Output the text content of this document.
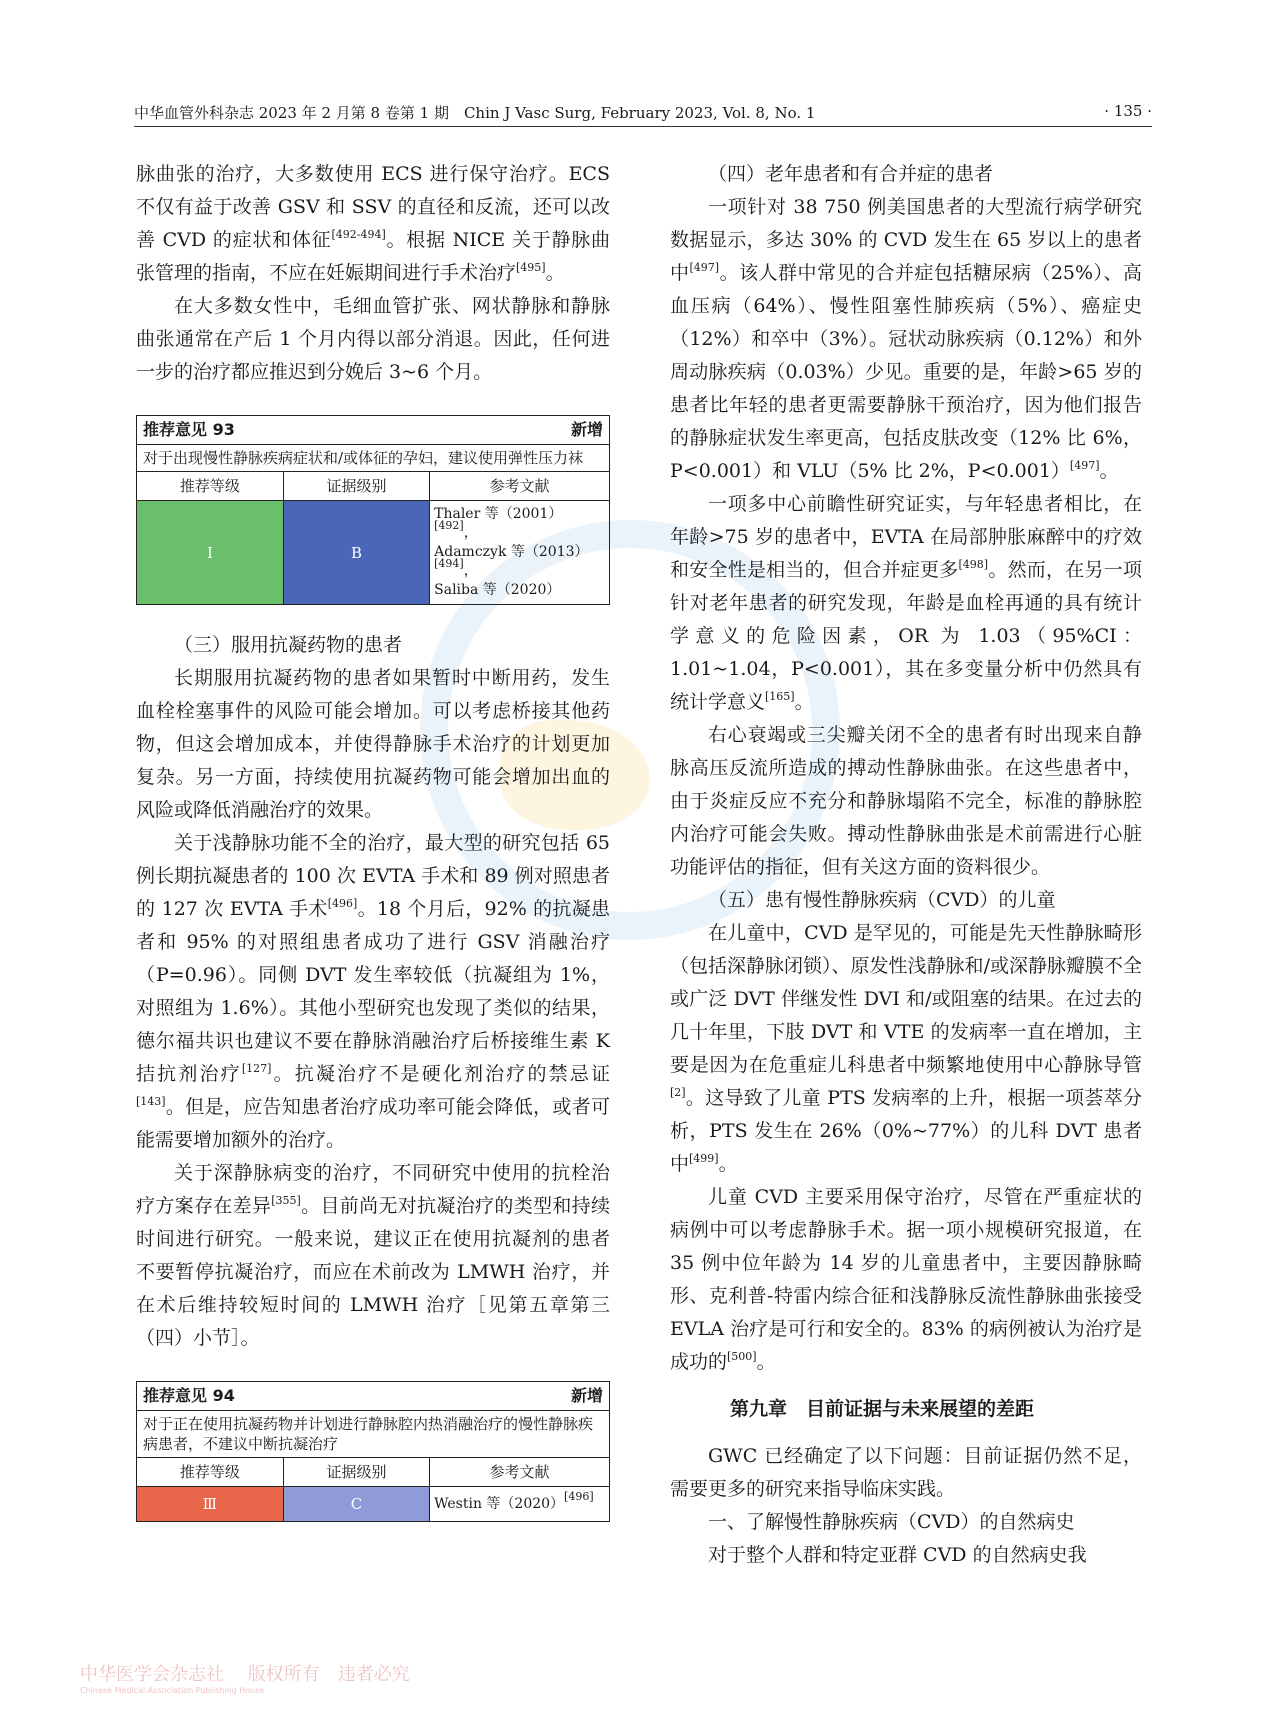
中华血管外科杂志 2023 年 2 月第 8 卷第 1 期　Chin J Vasc Surg, February 2023, Vol. 8, No. 1	· 135 ·

脉曲张的治疗，大多数使用 ECS 进行保守治疗。ECS 不仅有益于改善 GSV 和 SSV 的直径和反流，还可以改善 CVD 的症状和体征[492-494]。根据 NICE 关于静脉曲张管理的指南，不应在妊娠期间进行手术治疗[495]。

在大多数女性中，毛细血管扩张、网状静脉和静脉曲张通常在产后 1 个月内得以部分消退。因此，任何进一步的治疗都应推迟到分娩后 3~6 个月。

推荐意见 93	新增
对于出现慢性静脉疾病症状和/或体征的孕妇，建议使用弹性压力袜
推荐等级	证据级别	参考文献
Ⅰ	B	Thaler 等（2001）[492]，
Adamczyk 等（2013）[494]，
Saliba 等（2020）

（三）服用抗凝药物的患者

长期服用抗凝药物的患者如果暂时中断用药，发生血栓栓塞事件的风险可能会增加。可以考虑桥接其他药物，但这会增加成本，并使得静脉手术治疗的计划更加复杂。另一方面，持续使用抗凝药物可能会增加出血的风险或降低消融治疗的效果。

关于浅静脉功能不全的治疗，最大型的研究包括 65 例长期抗凝患者的 100 次 EVTA 手术和 89 例对照患者的 127 次 EVTA 手术[496]。18 个月后，92% 的抗凝患者和 95% 的对照组患者成功了进行 GSV 消融治疗（P=0.96）。同侧 DVT 发生率较低（抗凝组为 1%，对照组为 1.6%）。其他小型研究也发现了类似的结果，德尔福共识也建议不要在静脉消融治疗后桥接维生素 K 拮抗剂治疗[127]。抗凝治疗不是硬化剂治疗的禁忌证[143]。但是，应告知患者治疗成功率可能会降低，或者可能需要增加额外的治疗。

关于深静脉病变的治疗，不同研究中使用的抗栓治疗方案存在差异[355]。目前尚无对抗凝治疗的类型和持续时间进行研究。一般来说，建议正在使用抗凝剂的患者不要暂停抗凝治疗，而应在术前改为 LMWH 治疗，并在术后维持较短时间的 LMWH 治疗［见第五章第三（四）小节］。

推荐意见 94	新增
对于正在使用抗凝药物并计划进行静脉腔内热消融治疗的慢性静脉疾病患者，不建议中断抗凝治疗
推荐等级	证据级别	参考文献
Ⅲ	C	Westin 等（2020）[496]

（四）老年患者和有合并症的患者

一项针对 38 750 例美国患者的大型流行病学研究数据显示，多达 30% 的 CVD 发生在 65 岁以上的患者中[497]。该人群中常见的合并症包括糖尿病（25%）、高血压病（64%）、慢性阻塞性肺疾病（5%）、癌症史（12%）和卒中（3%）。冠状动脉疾病（0.12%）和外周动脉疾病（0.03%）少见。重要的是，年龄>65 岁的患者比年轻的患者更需要静脉干预治疗，因为他们报告的静脉症状发生率更高，包括皮肤改变（12% 比 6%，P<0.001）和 VLU（5% 比 2%，P<0.001）[497]。

一项多中心前瞻性研究证实，与年轻患者相比，在年龄>75 岁的患者中，EVTA 在局部肿胀麻醉中的疗效和安全性是相当的，但合并症更多[498]。然而，在另一项针对老年患者的研究发现，年龄是血栓再通的具有统计学意义的危险因素，OR 为 1.03（95%CI：1.01~1.04，P<0.001），其在多变量分析中仍然具有统计学意义[165]。

右心衰竭或三尖瓣关闭不全的患者有时出现来自静脉高压反流所造成的搏动性静脉曲张。在这些患者中，由于炎症反应不充分和静脉塌陷不完全，标准的静脉腔内治疗可能会失败。搏动性静脉曲张是术前需进行心脏功能评估的指征，但有关这方面的资料很少。

（五）患有慢性静脉疾病（CVD）的儿童

在儿童中，CVD 是罕见的，可能是先天性静脉畸形（包括深静脉闭锁）、原发性浅静脉和/或深静脉瓣膜不全或广泛 DVT 伴继发性 DVI 和/或阻塞的结果。在过去的几十年里，下肢 DVT 和 VTE 的发病率一直在增加，主要是因为在危重症儿科患者中频繁地使用中心静脉导管[2]。这导致了儿童 PTS 发病率的上升，根据一项荟萃分析，PTS 发生在 26%（0%~77%）的儿科 DVT 患者中[499]。

儿童 CVD 主要采用保守治疗，尽管在严重症状的病例中可以考虑静脉手术。据一项小规模研究报道，在 35 例中位年龄为 14 岁的儿童患者中，主要因静脉畸形、克利普-特雷内综合征和浅静脉反流性静脉曲张接受 EVLA 治疗是可行和安全的。83% 的病例被认为治疗是成功的[500]。

第九章　目前证据与未来展望的差距

GWC 已经确定了以下问题：目前证据仍然不足，需要更多的研究来指导临床实践。

一、了解慢性静脉疾病（CVD）的自然病史

对于整个人群和特定亚群 CVD 的自然病史我

中华医学会杂志社 版权所有　违者必究
Chinese Medical Association Publishing House
